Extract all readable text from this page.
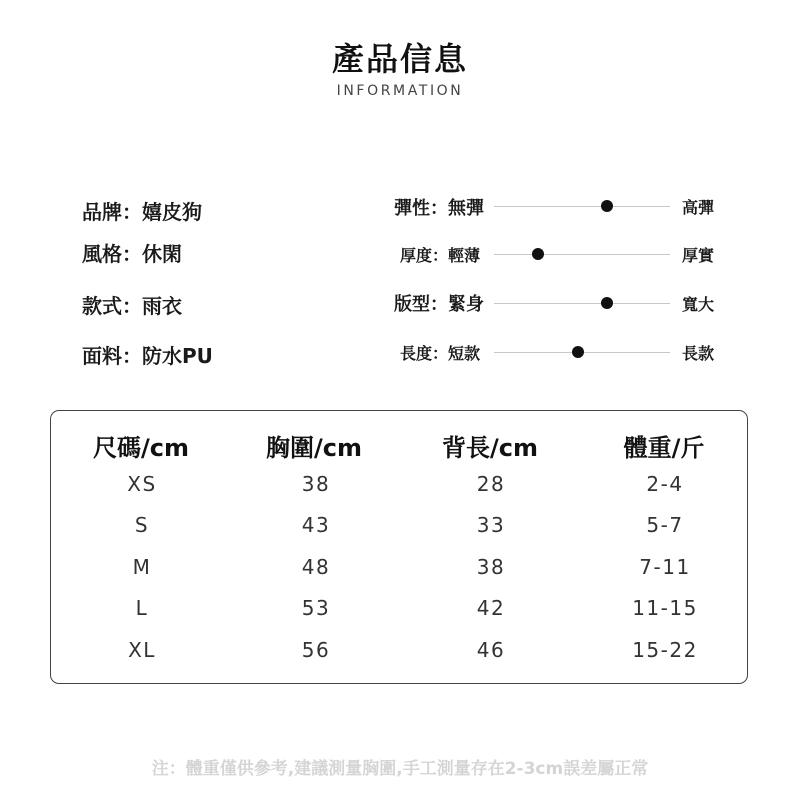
產品信息
INFORMATION
品牌：嬉皮狗
風格：休閑
款式：雨衣
面料：防水PU
彈性：無彈	高彈
厚度：輕薄	厚實
版型：緊身	寬大
長度：短款	長款
尺碼/cm	胸圍/cm	背長/cm	體重/斤
XS	38	28	2-4
S	43	33	5-7
M	48	38	7-11
L	53	42	11-15
XL	56	46	15-22
注：體重僅供參考,建議測量胸圍,手工測量存在2-3cm誤差屬正常
